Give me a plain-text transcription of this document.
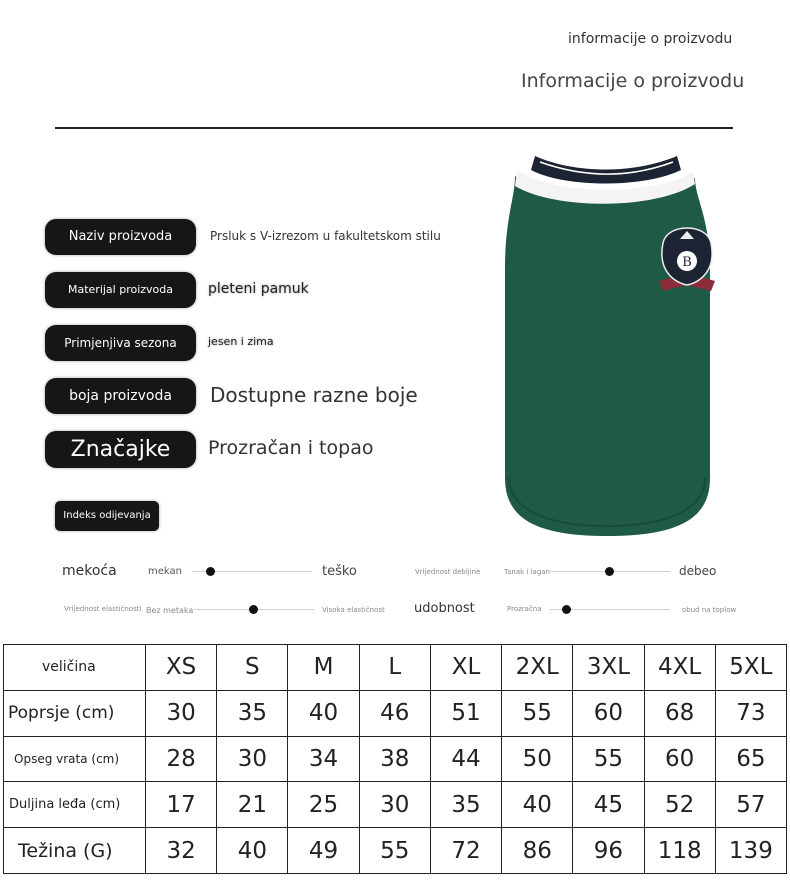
informacije o proizvodu
Informacije o proizvodu
Naziv proizvoda	Prsluk s V-izrezom u fakultetskom stilu
Materijal proizvoda	pleteni pamuk
Primjenjiva sezona	jesen i zima
boja proizvoda	Dostupne razne boje
Značajke	Prozračan i topao
Indeks odijevanja
B
mekoća	mekan	teško	Vrijednost debljine	Tanak i lagan	debeo
Vrijednost elastičnosti Bez metaka	Visoka elastičnost udobnost	Prozračna	obud na toplow
veličina	XS	S	M	L	XL	2XL	3XL	4XL	5XL
Poprsje (cm)	30	35	40	46	51	55	60	68	73
Opseg vrata (cm)	28	30	34	38	44	50	55	60	65
Duljina leđa (cm)	17	21	25	30	35	40	45	52	57
Težina (G)	32	40	49	55	72	86	96	118	139
